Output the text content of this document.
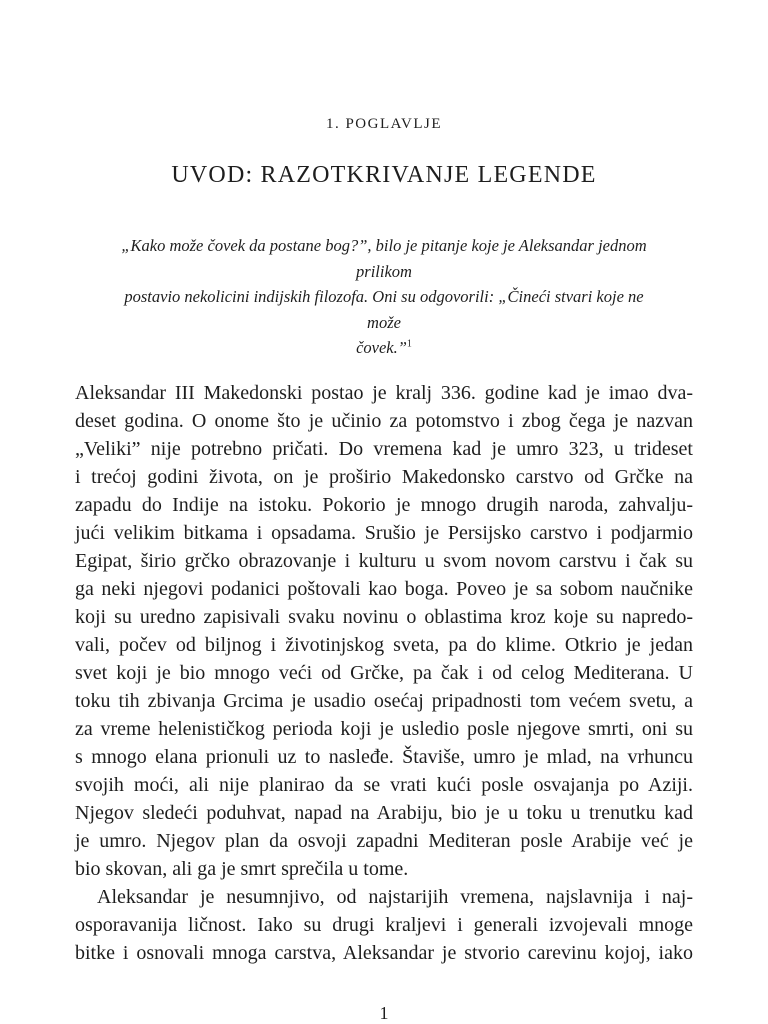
1. POGLAVLJE
UVOD: RAZOTKRIVANJE LEGENDE
„Kako može čovek da postane bog?”, bilo je pitanje koje je Aleksandar jednom prilikom
postavio nekolicini indijskih filozofa. Oni su odgovorili: „Čineći stvari koje ne može
čovek.”$^1$
Aleksandar III Makedonski postao je kralj 336. godine kad je imao dva-
deset godina. O onome što je učinio za potomstvo i zbog čega je nazvan
„Veliki” nije potrebno pričati. Do vremena kad je umro 323, u trideset
i trećoj godini života, on je proširio Makedonsko carstvo od Grčke na
zapadu do Indije na istoku. Pokorio je mnogo drugih naroda, zahvalju-
jući velikim bitkama i opsadama. Srušio je Persijsko carstvo i podjarmio
Egipat, širio grčko obrazovanje i kulturu u svom novom carstvu i čak su
ga neki njegovi podanici poštovali kao boga. Poveo je sa sobom naučnike
koji su uredno zapisivali svaku novinu o oblastima kroz koje su napredo-
vali, počev od biljnog i životinjskog sveta, pa do klime. Otkrio je jedan
svet koji je bio mnogo veći od Grčke, pa čak i od celog Mediterana. U
toku tih zbivanja Grcima je usadio osećaj pripadnosti tom većem svetu, a
za vreme helenističkog perioda koji je usledio posle njegove smrti, oni su
s mnogo elana prionuli uz to nasleđe. Štaviše, umro je mlad, na vrhuncu
svojih moći, ali nije planirao da se vrati kući posle osvajanja po Aziji.
Njegov sledeći poduhvat, napad na Arabiju, bio je u toku u trenutku kad
je umro. Njegov plan da osvoji zapadni Mediteran posle Arabije već je
bio skovan, ali ga je smrt sprečila u tome.
Aleksandar je nesumnjivo, od najstarijih vremena, najslavnija i naj-
osporavanija ličnost. Iako su drugi kraljevi i generali izvojevali mnoge
bitke i osnovali mnoga carstva, Aleksandar je stvorio carevinu kojoj, iako
1
